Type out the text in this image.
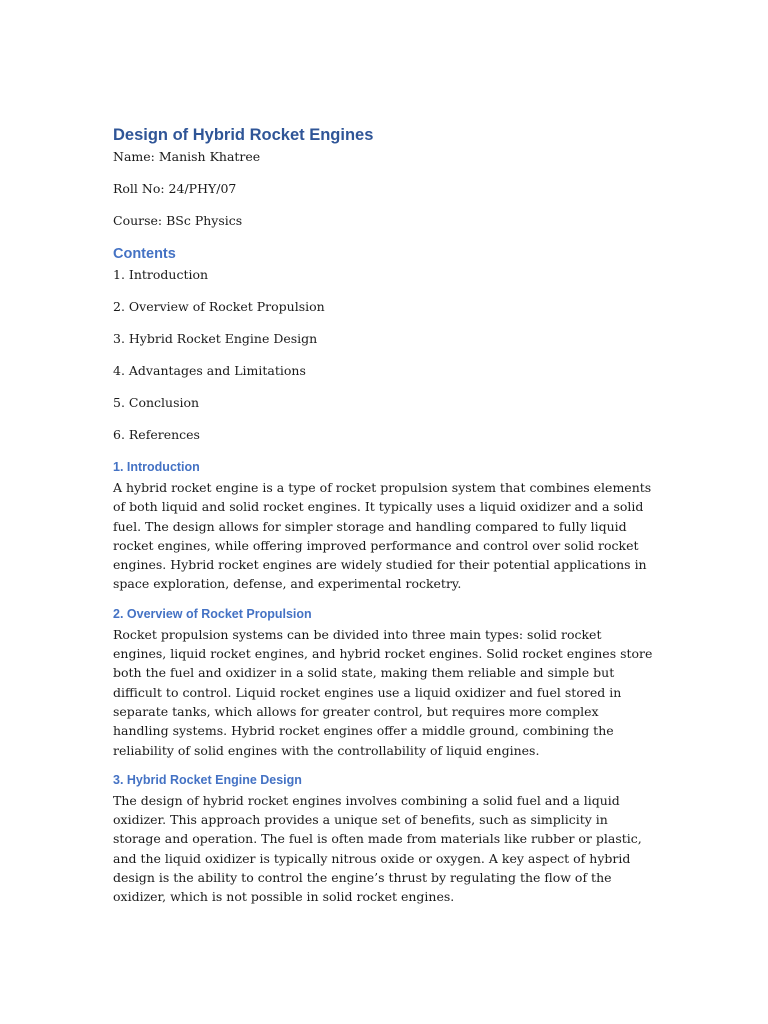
Design of Hybrid Rocket Engines

Name: Manish Khatree

Roll No: 24/PHY/07

Course: BSc Physics

Contents

1. Introduction

2. Overview of Rocket Propulsion

3. Hybrid Rocket Engine Design

4. Advantages and Limitations

5. Conclusion

6. References

1. Introduction

A hybrid rocket engine is a type of rocket propulsion system that combines elements of both liquid and solid rocket engines. It typically uses a liquid oxidizer and a solid fuel. The design allows for simpler storage and handling compared to fully liquid rocket engines, while offering improved performance and control over solid rocket engines. Hybrid rocket engines are widely studied for their potential applications in space exploration, defense, and experimental rocketry.

2. Overview of Rocket Propulsion

Rocket propulsion systems can be divided into three main types: solid rocket engines, liquid rocket engines, and hybrid rocket engines. Solid rocket engines store both the fuel and oxidizer in a solid state, making them reliable and simple but difficult to control. Liquid rocket engines use a liquid oxidizer and fuel stored in separate tanks, which allows for greater control, but requires more complex handling systems. Hybrid rocket engines offer a middle ground, combining the reliability of solid engines with the controllability of liquid engines.

3. Hybrid Rocket Engine Design

The design of hybrid rocket engines involves combining a solid fuel and a liquid oxidizer. This approach provides a unique set of benefits, such as simplicity in storage and operation. The fuel is often made from materials like rubber or plastic, and the liquid oxidizer is typically nitrous oxide or oxygen. A key aspect of hybrid design is the ability to control the engine’s thrust by regulating the flow of the oxidizer, which is not possible in solid rocket engines.
